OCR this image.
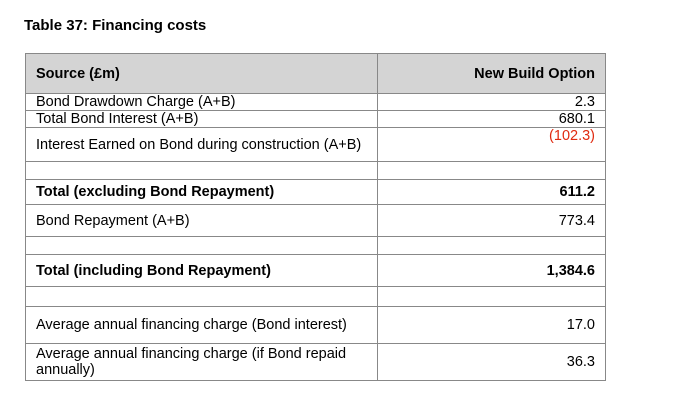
Table 37: Financing costs
Source (£m)	New Build Option
Bond Drawdown Charge (A+B)	2.3
Total Bond Interest (A+B)	680.1
Interest Earned on Bond during construction (A+B)	(102.3)

Total (excluding Bond Repayment)	611.2
Bond Repayment (A+B)	773.4

Total (including Bond Repayment)	1,384.6

Average annual financing charge (Bond interest)	17.0
Average annual financing charge (if Bond repaid annually)	36.3
